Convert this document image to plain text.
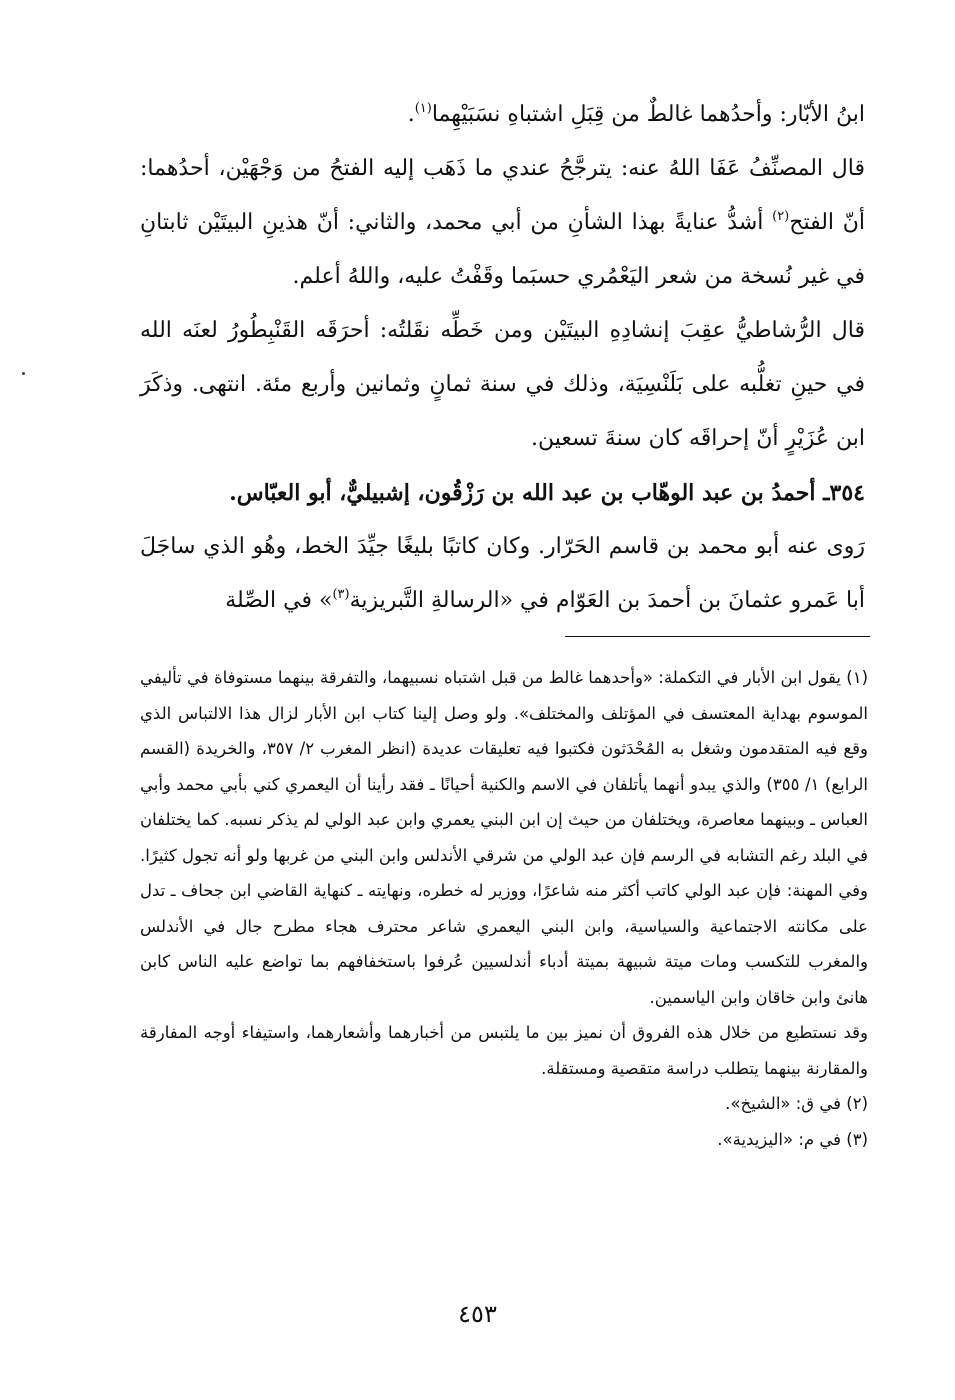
ابنُ الأبّار: وأحدُهما غالطٌ من قِبَلِ اشتباهِ نسَبَيْهِما$^{(١)}$.

قال المصنِّفُ عَفَا اللهُ عنه: يترجَّحُ عندي ما ذَهَب إليه الفتحُ من وَجْهَيْن، أحدُهما: أنّ الفتح$^{(٢)}$ أشدُّ عنايةً بهذا الشأنِ من أبي محمد، والثاني: أنّ هذينِ البيتَيْن ثابتانِ في غير نُسخة من شعر اليَعْمُري حسبَما وقَفْتُ عليه، واللهُ أعلم.

قال الرُّشاطيُّ عقِبَ إنشادِهِ البيتَيْن ومن خَطِّه نقَلتُه: أحرَقَه القَنْبِطُورُ لعنَه الله في حينِ تغلُّبه على بَلَنْسِيَة، وذلك في سنة ثمانٍ وثمانين وأربع مئة. انتهى. وذكَرَ ابن عُزَيْرٍ أنّ إحراقَه كان سنةَ تسعين.

٣٥٤ـ أحمدُ بن عبد الوهّاب بن عبد الله بن رَزْقُون، إشبيليٌّ، أبو العبّاس.

رَوى عنه أبو محمد بن قاسم الحَرّار. وكان كاتبًا بليغًا جيِّدَ الخط، وهُو الذي ساجَلَ أبا عَمرو عثمانَ بن أحمدَ بن العَوّام في «الرسالةِ التَّبريزية$^{(٣)}$» في الصِّلة

(١) يقول ابن الأبار في التكملة: «وأحدهما غالط من قبل اشتباه نسبيهما، والتفرقة بينهما مستوفاة في تأليفي الموسوم بهداية المعتسف في المؤتلف والمختلف». ولو وصل إلينا كتاب ابن الأبار لزال هذا الالتباس الذي وقع فيه المتقدمون وشغل به المُحْدَثون فكتبوا فيه تعليقات عديدة (انظر المغرب ٢/ ٣٥٧، والخريدة (القسم الرابع) ١/ ٣٥٥) والذي يبدو أنهما يأتلفان في الاسم والكنية أحيانًا ـ فقد رأينا أن اليعمري كني بأبي محمد وأبي العباس ـ وبينهما معاصرة، ويختلفان من حيث إن ابن البني يعمري وابن عبد الولي لم يذكر نسبه. كما يختلفان في البلد رغم التشابه في الرسم فإن عبد الولي من شرقي الأندلس وابن البني من غربها ولو أنه تجول كثيرًا. وفي المهنة: فإن عبد الولي كاتب أكثر منه شاعرًا، ووزير له خطره، ونهايته ـ كنهاية القاضي ابن جحاف ـ تدل على مكانته الاجتماعية والسياسية، وابن البني اليعمري شاعر محترف هجاء مطرح جال في الأندلس والمغرب للتكسب ومات ميتة شبيهة بميتة أدباء أندلسيين عُرفوا باستخفافهم بما تواضع عليه الناس كابن هانئ وابن خاقان وابن الياسمين.

وقد نستطيع من خلال هذه الفروق أن نميز بين ما يلتبس من أخبارهما وأشعارهما، واستيفاء أوجه المفارقة والمقارنة بينهما يتطلب دراسة متقصية ومستقلة.

(٢) في ق: «الشيخ».

(٣) في م: «اليزيدية».

٤٥٣
